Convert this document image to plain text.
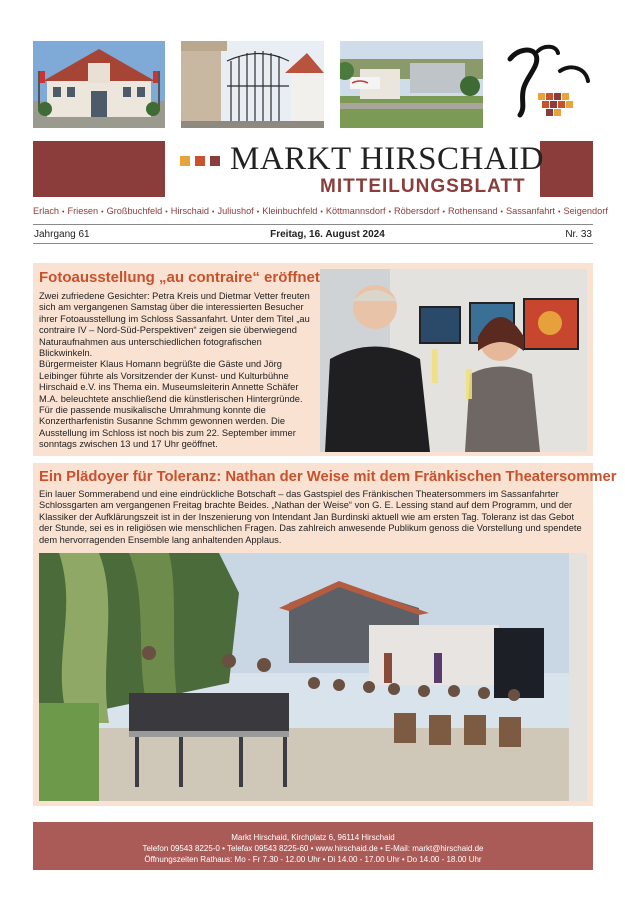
MARKT HIRSCHAID
MITTEILUNGSBLATT
Erlach • Friesen • Großbuchfeld • Hirschaid • Juliushof • Kleinbuchfeld • Köttmannsdorf • Röbersdorf • Rothensand • Sassanfahrt • Seigendorf
Jahrgang 61	Freitag, 16. August 2024	Nr. 33
Fotoausstellung „au contraire“ eröffnet

Zwei zufriedene Gesichter: Petra Kreis und Dietmar Vetter freuten sich am vergangenen Samstag über die interessierten Besucher ihrer Fotoausstellung im Schloss Sassanfahrt. Unter dem Titel „au contraire IV – Nord-Süd-Perspektiven“ zeigen sie überwiegend Naturaufnahmen aus unterschiedlichen fotografischen Blickwinkeln.

Bürgermeister Klaus Homann begrüßte die Gäste und Jörg Leibinger führte als Vorsitzender der Kunst- und Kulturbühne Hirschaid e.V. ins Thema ein. Museumsleiterin Annette Schäfer M.A. beleuchtete anschließend die künstlerischen Hintergründe. Für die passende musikalische Umrahmung konnte die Konzertharfenistin Susanne Schmm gewonnen werden. Die Ausstellung im Schloss ist noch bis zum 22. September immer sonntags zwischen 13 und 17 Uhr geöffnet.

Ein Plädoyer für Toleranz: Nathan der Weise mit dem Fränkischen Theatersommer
Ein lauer Sommerabend und eine eindrückliche Botschaft – das Gastspiel des Fränkischen Theatersommers im Sassanfahrter Schlossgarten am vergangenen Freitag brachte Beides. „Nathan der Weise“ von G. E. Lessing stand auf dem Programm, und der Klassiker der Aufklärungszeit ist in der Inszenierung von Intendant Jan Burdinski aktuell wie am ersten Tag. Toleranz ist das Gebot der Stunde, sei es in religiösen wie menschlichen Fragen. Das zahlreich anwesende Publikum genoss die Vorstellung und spendete dem hervorragenden Ensemble lang anhaltenden Applaus.
Markt Hirschaid, Kirchplatz 6, 96114 Hirschaid
Telefon 09543 8225-0 • Telefax 09543 8225-60 • www.hirschaid.de • E-Mail: markt@hirschaid.de
Öffnungszeiten Rathaus: Mo - Fr 7.30 - 12.00 Uhr • Di 14.00 - 17.00 Uhr • Do 14.00 - 18.00 Uhr
